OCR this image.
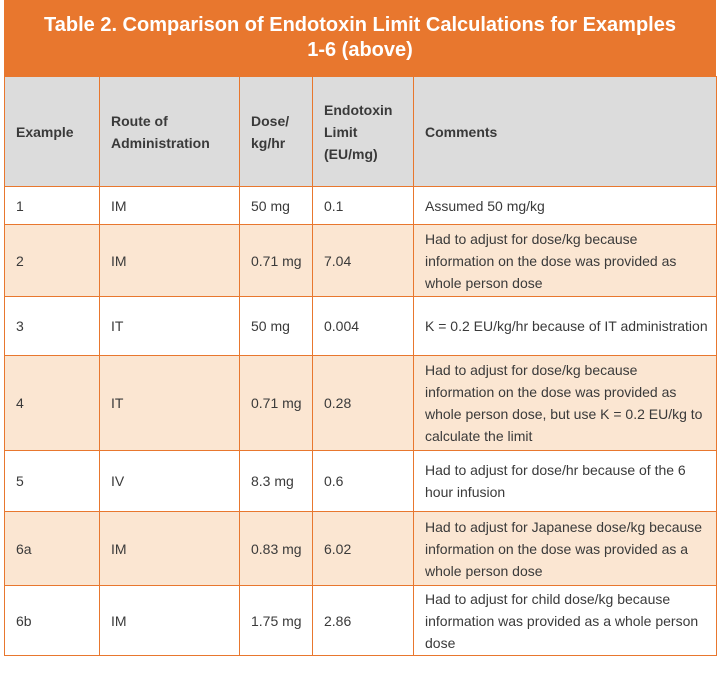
Table 2. Comparison of Endotoxin Limit Calculations for Examples 1-6 (above)
Example	Route of Administration	Dose/ kg/hr	Endotoxin Limit (EU/mg)	Comments
1	IM	50 mg	0.1	Assumed 50 mg/kg
2	IM	0.71 mg	7.04	Had to adjust for dose/kg because information on the dose was provided as whole person dose
3	IT	50 mg	0.004	K = 0.2 EU/kg/hr because of IT administration
4	IT	0.71 mg	0.28	Had to adjust for dose/kg because information on the dose was provided as whole person dose, but use K = 0.2 EU/kg to calculate the limit
5	IV	8.3 mg	0.6	Had to adjust for dose/hr because of the 6 hour infusion
6a	IM	0.83 mg	6.02	Had to adjust for Japanese dose/kg because information on the dose was provided as a whole person dose
6b	IM	1.75 mg	2.86	Had to adjust for child dose/kg because information was provided as a whole person dose
